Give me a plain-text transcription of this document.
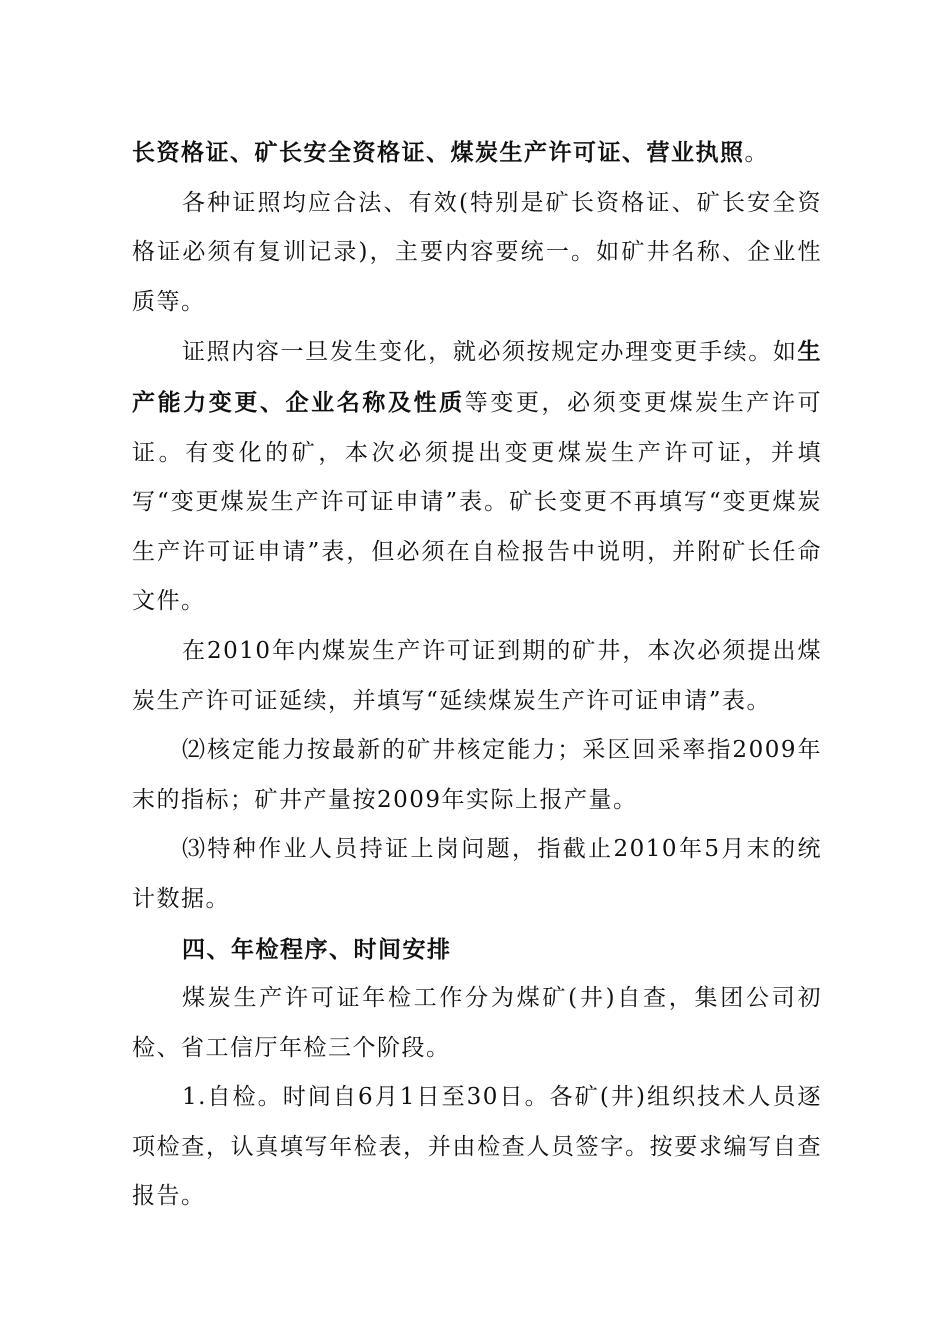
长资格证、矿长安全资格证、煤炭生产许可证、营业执照。

各种证照均应合法、有效(特别是矿长资格证、矿长安全资格证必须有复训记录)，主要内容要统一。如矿井名称、企业性质等。

证照内容一旦发生变化，就必须按规定办理变更手续。如生产能力变更、企业名称及性质等变更，必须变更煤炭生产许可证。有变化的矿，本次必须提出变更煤炭生产许可证，并填写“变更煤炭生产许可证申请”表。矿长变更不再填写“变更煤炭生产许可证申请”表，但必须在自检报告中说明，并附矿长任命文件。

在2010年内煤炭生产许可证到期的矿井，本次必须提出煤炭生产许可证延续，并填写“延续煤炭生产许可证申请”表。

⑵核定能力按最新的矿井核定能力；采区回采率指2009年末的指标；矿井产量按2009年实际上报产量。

⑶特种作业人员持证上岗问题，指截止2010年5月末的统计数据。

四、年检程序、时间安排

煤炭生产许可证年检工作分为煤矿(井)自查，集团公司初检、省工信厅年检三个阶段。

1.自检。时间自6月1日至30日。各矿(井)组织技术人员逐项检查，认真填写年检表，并由检查人员签字。按要求编写自查报告。
